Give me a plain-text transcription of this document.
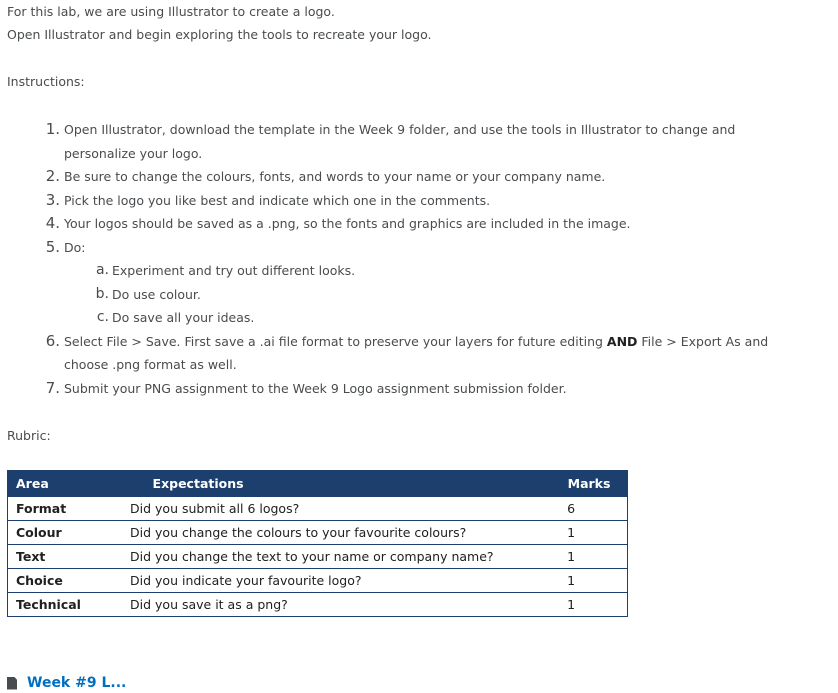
For this lab, we are using Illustrator to create a logo.

Open Illustrator and begin exploring the tools to recreate your logo.

Instructions:

1. Open Illustrator, download the template in the Week 9 folder, and use the tools in Illustrator to change and personalize your logo.
2. Be sure to change the colours, fonts, and words to your name or your company name.
3. Pick the logo you like best and indicate which one in the comments.
4. Your logos should be saved as a .png, so the fonts and graphics are included in the image.
5. Do:
a. Experiment and try out different looks.
b. Do use colour.
c. Do save all your ideas.
6. Select File > Save. First save a .ai file format to preserve your layers for future editing AND File > Export As and choose .png format as well.
7. Submit your PNG assignment to the Week 9 Logo assignment submission folder.

Rubric:

Area	Expectations	Marks
Format	Did you submit all 6 logos?	6
Colour	Did you change the colours to your favourite colours?	1
Text	Did you change the text to your name or company name?	1
Choice	Did you indicate your favourite logo?	1
Technical	Did you save it as a png?	1
Week #9 L...
